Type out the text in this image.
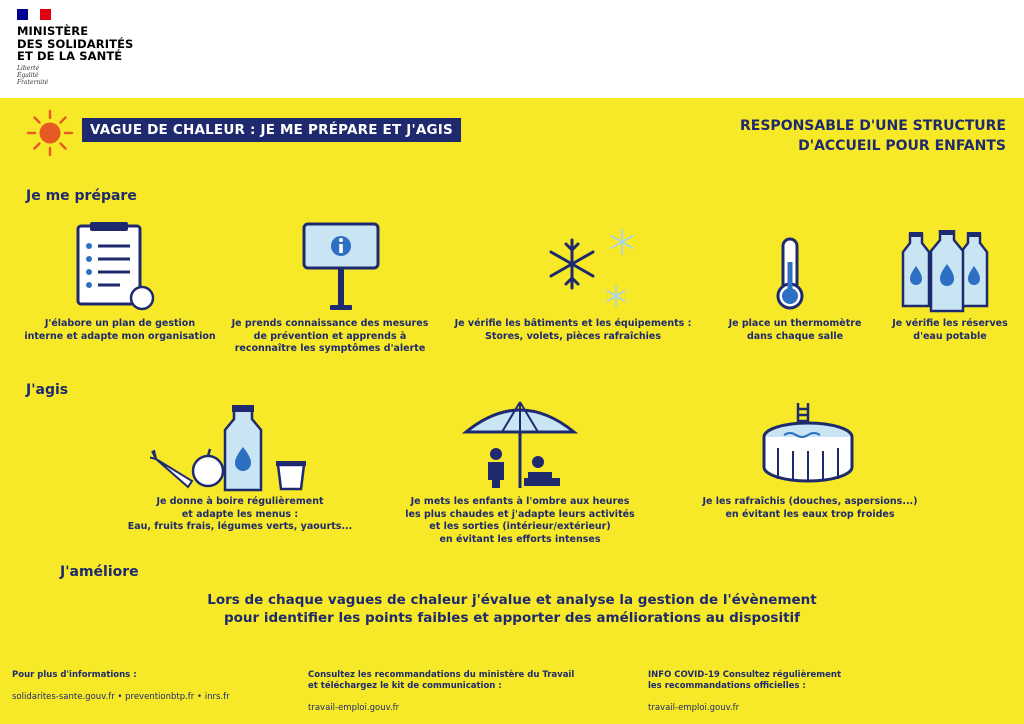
MINISTÈRE
DES SOLIDARITÉS
ET DE LA SANTÉ
Liberté
Égalité
Fraternité
VAGUE DE CHALEUR : JE ME PRÉPARE ET J'AGIS	RESPONSABLE D'UNE STRUCTURE
D'ACCUEIL POUR ENFANTS
Je me prépare
J'élabore un plan de gestion
interne et adapte mon organisation
Je prends connaissance des mesures
de prévention et apprends à
reconnaître les symptômes d'alerte
Je vérifie les bâtiments et les équipements :
Stores, volets, pièces rafraîchies
Je place un thermomètre
dans chaque salle
Je vérifie les réserves
d'eau potable
J'agis
Je donne à boire régulièrement
et adapte les menus :
Eau, fruits frais, légumes verts, yaourts...
Je mets les enfants à l'ombre aux heures
les plus chaudes et j'adapte leurs activités
et les sorties (intérieur/extérieur)
en évitant les efforts intenses
Je les rafraîchis (douches, aspersions...)
en évitant les eaux trop froides
J'améliore
Lors de chaque vagues de chaleur j'évalue et analyse la gestion de l'évènement
pour identifier les points faibles et apporter des améliorations au dispositif

Pour plus d'informations :

solidarites-sante.gouv.fr • preventionbtp.fr • inrs.fr

Consultez les recommandations du ministère du Travail
et téléchargez le kit de communication :

travail-emploi.gouv.fr

INFO COVID-19 Consultez régulièrement
les recommandations officielles :

travail-emploi.gouv.fr
